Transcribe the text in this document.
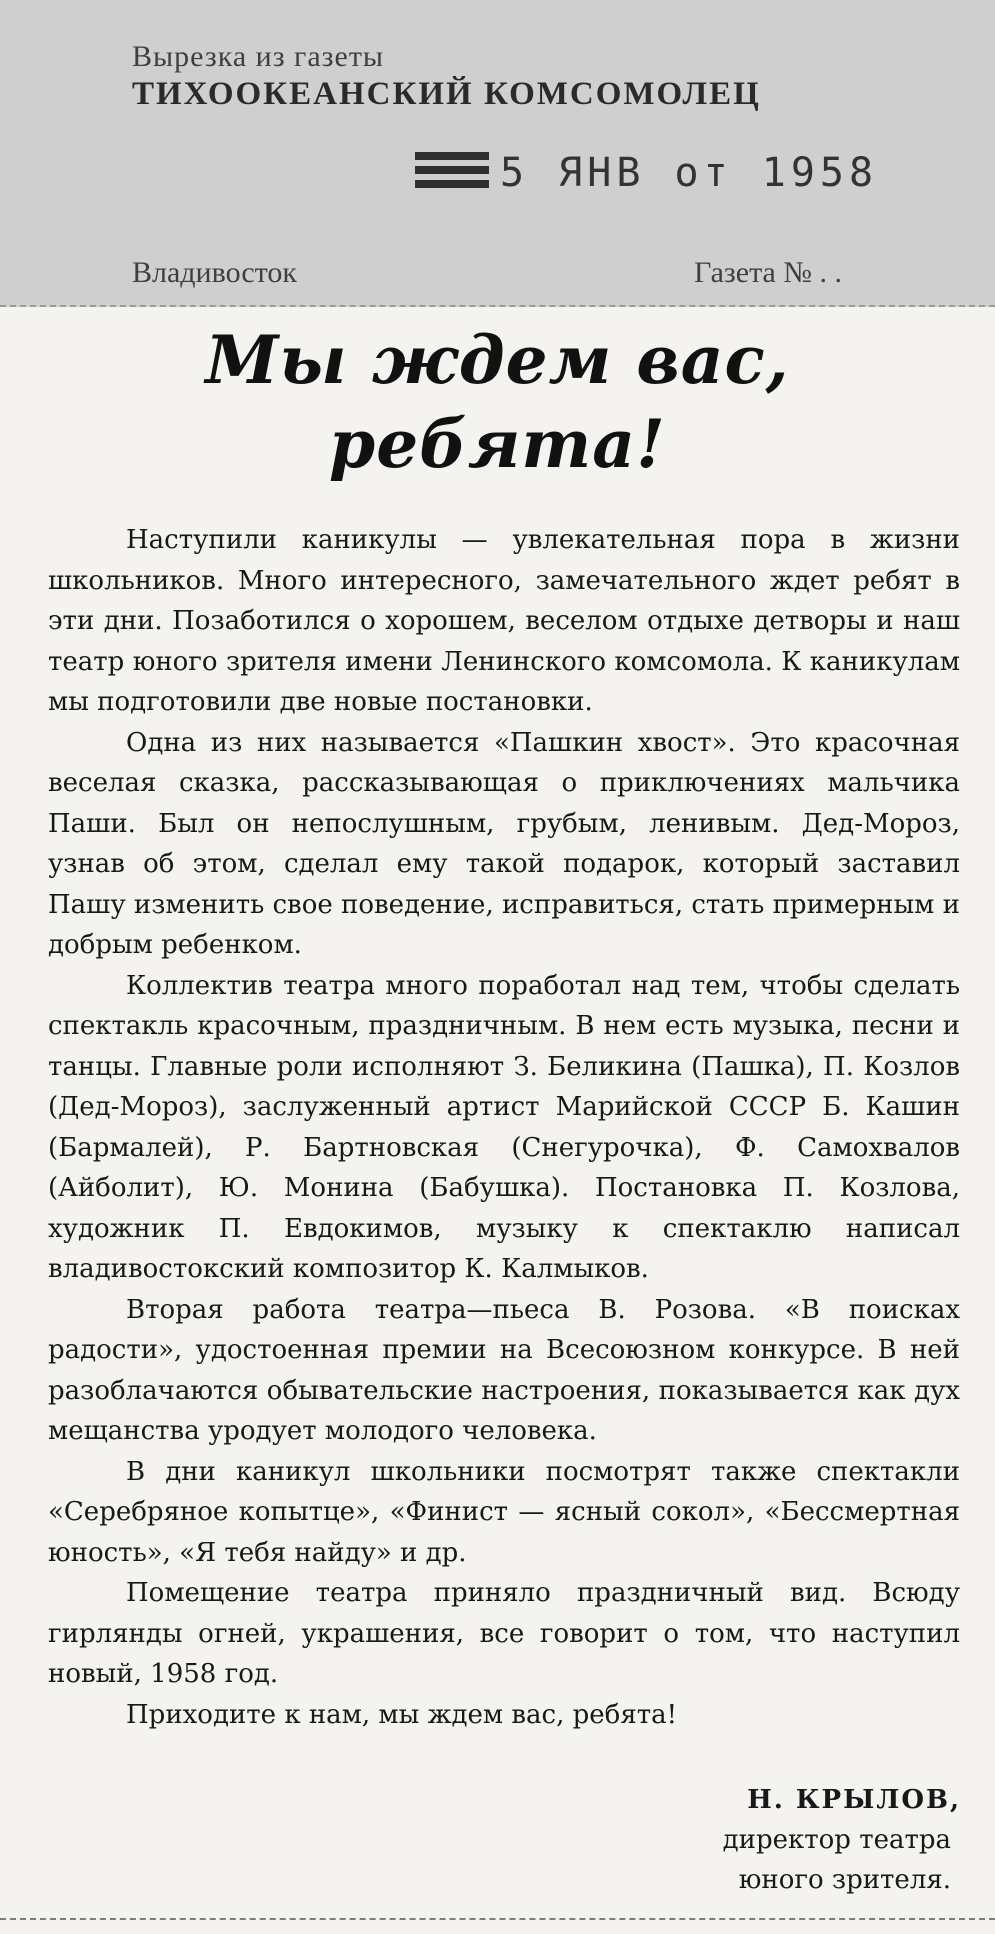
Вырезка из газеты
ТИХООКЕАНСКИЙ КОМСОМОЛЕЦ
5 ЯНВ от 1958
Владивосток	Газета № . .
Мы ждем вас,
ребята!

Наступили каникулы — увлекательная пора в жизни школьников. Много интересного, замечательного ждет ребят в эти дни. Позаботился о хорошем, веселом отдыхе детворы и наш театр юного зрителя имени Ленинского комсомола. К каникулам мы подготовили две новые постановки.

Одна из них называется «Пашкин хвост». Это красочная веселая сказка, рассказывающая о приключениях мальчика Паши. Был он непослушным, грубым, ленивым. Дед-Мороз, узнав об этом, сделал ему такой подарок, который заставил Пашу изменить свое поведение, исправиться, стать примерным и добрым ребенком.

Коллектив театра много поработал над тем, чтобы сделать спектакль красочным, праздничным. В нем есть музыка, песни и танцы. Главные роли исполняют З. Беликина (Пашка), П. Козлов (Дед-Мороз), заслуженный артист Марийской СССР Б. Кашин (Бармалей), Р. Бартновская (Снегурочка), Ф. Самохвалов (Айболит), Ю. Монина (Бабушка). Постановка П. Козлова, художник П. Евдокимов, музыку к спектаклю написал владивостокский композитор К. Калмыков.

Вторая работа театра—пьеса В. Розова. «В поисках радости», удостоенная премии на Всесоюзном конкурсе. В ней разоблачаются обывательские настроения, показывается как дух мещанства уродует молодого человека.

В дни каникул школьники посмотрят также спектакли «Серебряное копытце», «Финист — ясный сокол», «Бессмертная юность», «Я тебя найду» и др.

Помещение театра приняло праздничный вид. Всюду гирлянды огней, украшения, все говорит о том, что наступил новый, 1958 год.

Приходите к нам, мы ждем вас, ребята!

Н. КРЫЛОВ,
директор театра
юного зрителя.
